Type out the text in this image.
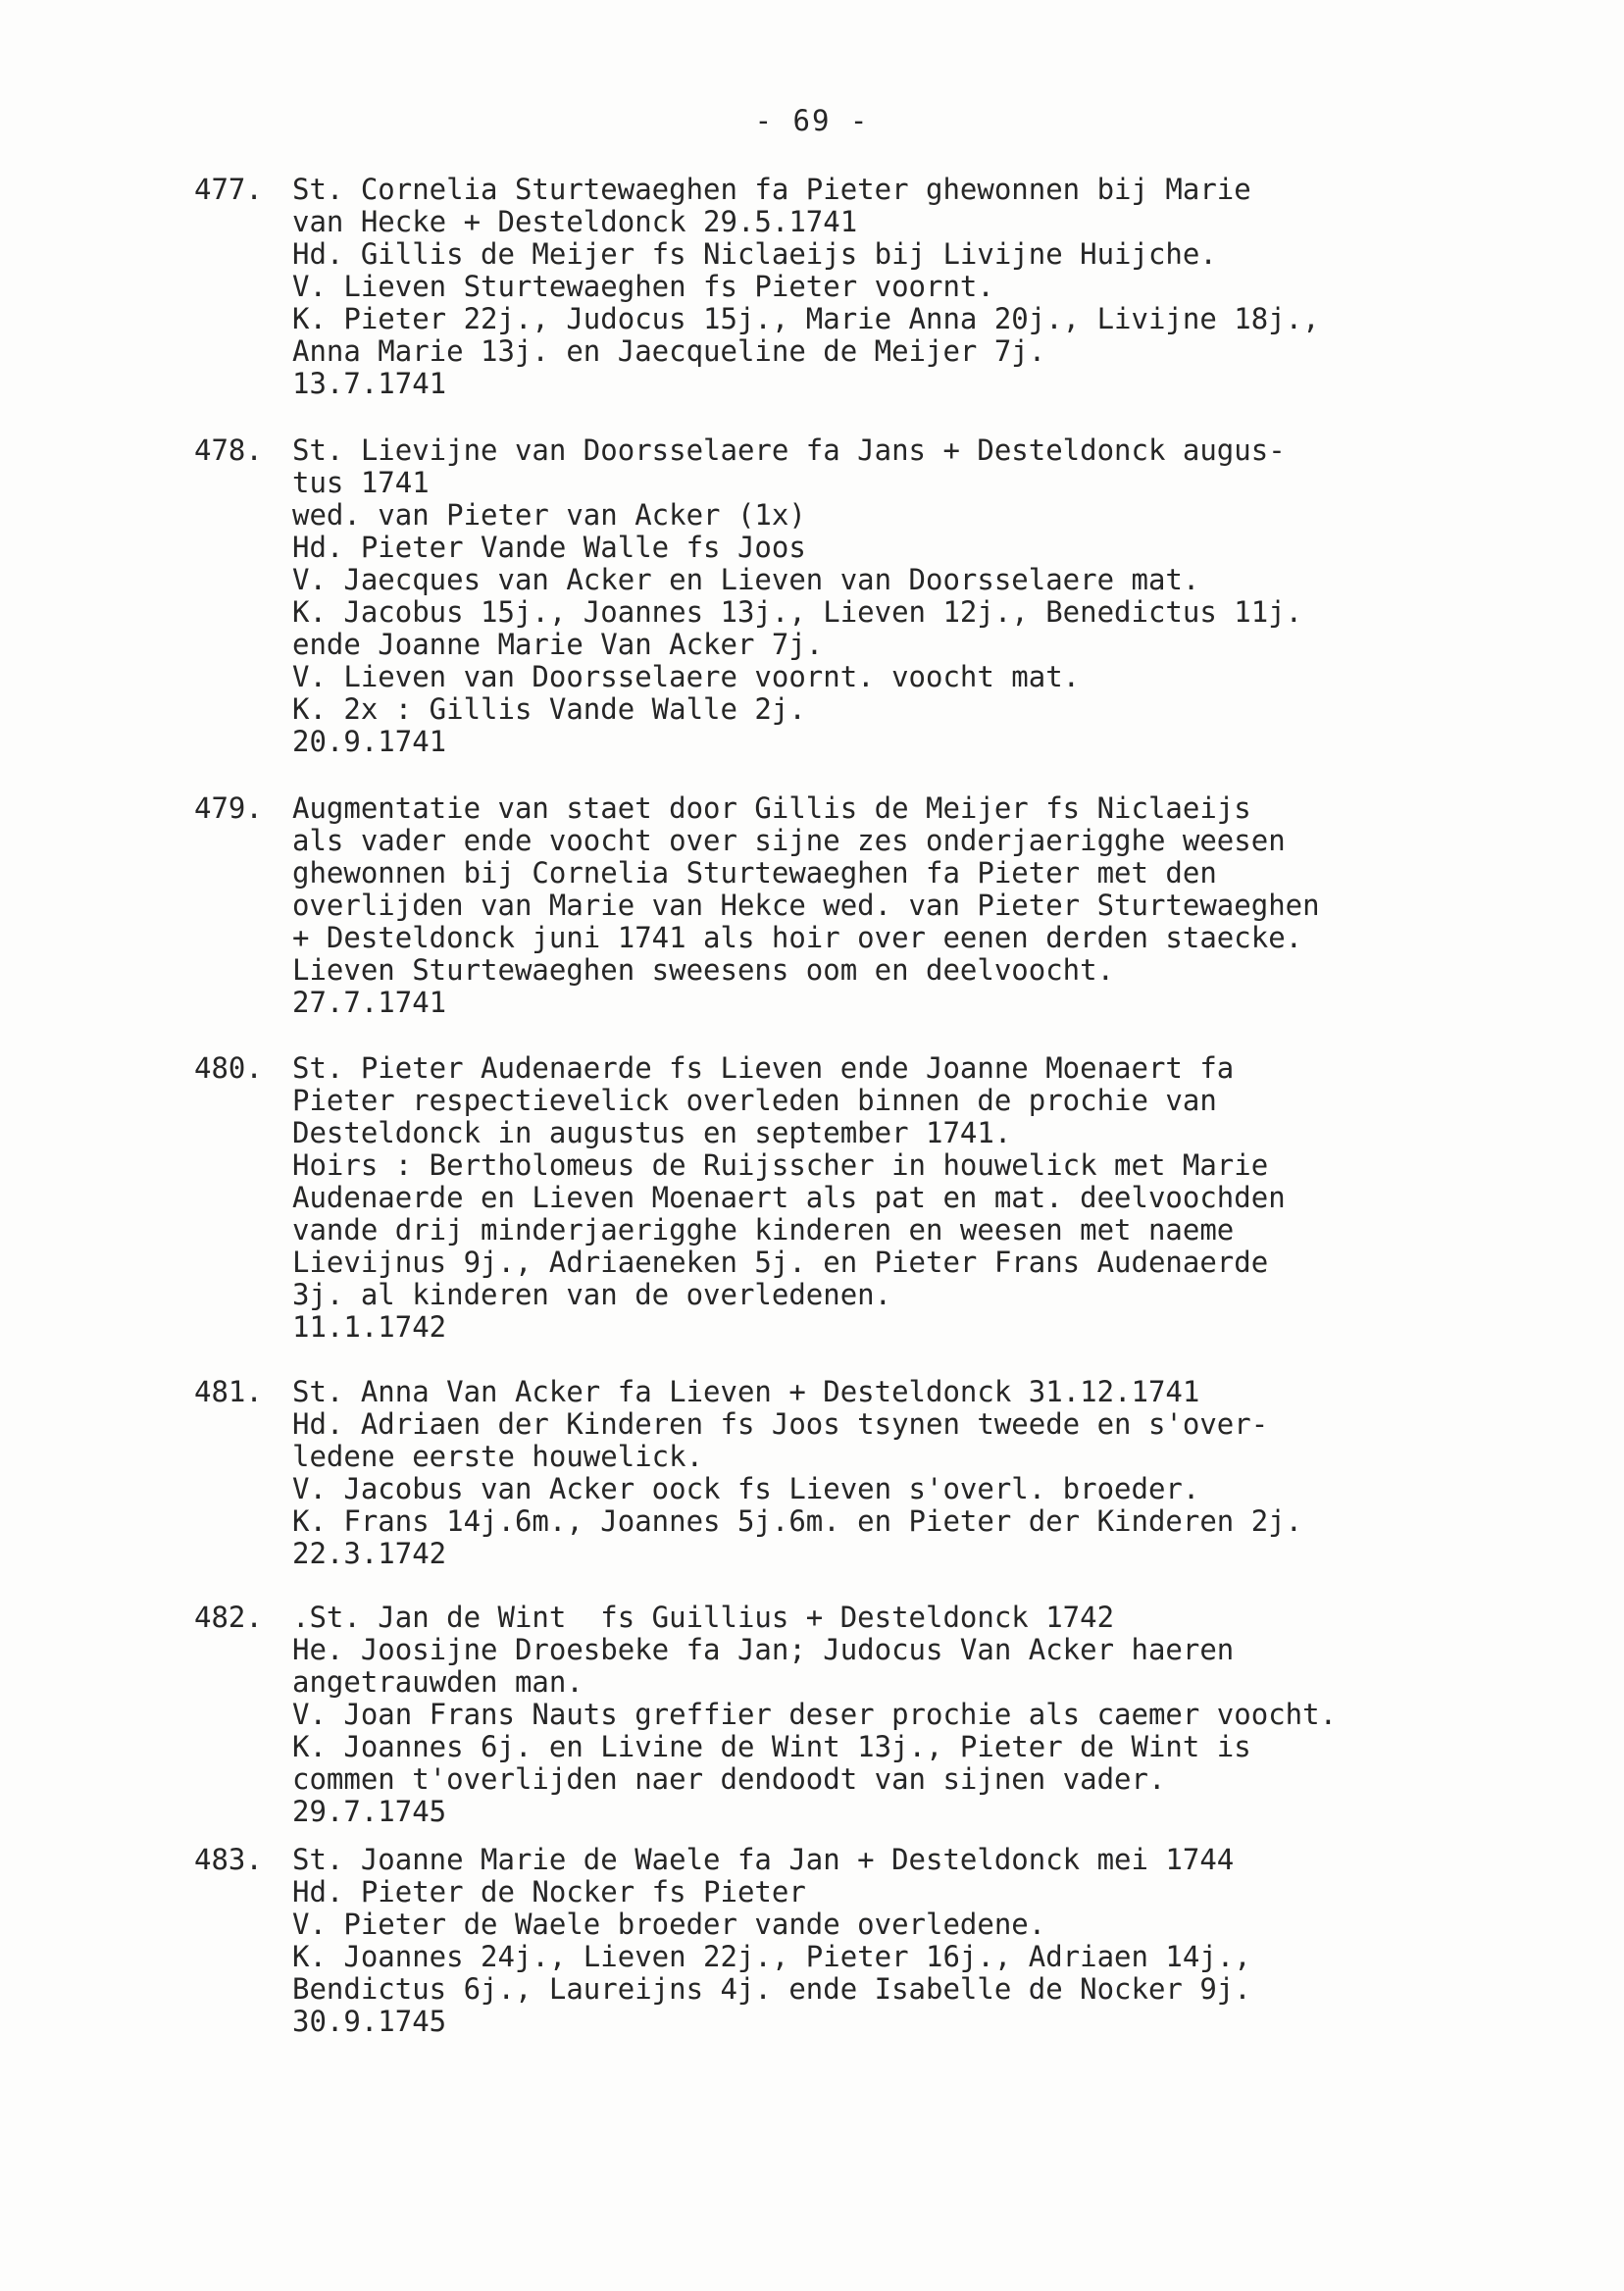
- 69 -
477. St. Cornelia Sturtewaeghen fa Pieter ghewonnen bij Marie
van Hecke + Desteldonck 29.5.1741
Hd. Gillis de Meijer fs Niclaeijs bij Livijne Huijche.
V. Lieven Sturtewaeghen fs Pieter voornt.
K. Pieter 22j., Judocus 15j., Marie Anna 20j., Livijne 18j.,
Anna Marie 13j. en Jaecqueline de Meijer 7j.
13.7.1741
478. St. Lievijne van Doorsselaere fa Jans + Desteldonck augus-
tus 1741
wed. van Pieter van Acker (1x)
Hd. Pieter Vande Walle fs Joos
V. Jaecques van Acker en Lieven van Doorsselaere mat.
K. Jacobus 15j., Joannes 13j., Lieven 12j., Benedictus 11j.
ende Joanne Marie Van Acker 7j.
V. Lieven van Doorsselaere voornt. voocht mat.
K. 2x : Gillis Vande Walle 2j.
20.9.1741
479. Augmentatie van staet door Gillis de Meijer fs Niclaeijs
als vader ende voocht over sijne zes onderjaerigghe weesen
ghewonnen bij Cornelia Sturtewaeghen fa Pieter met den
overlijden van Marie van Hekce wed. van Pieter Sturtewaeghen
+ Desteldonck juni 1741 als hoir over eenen derden staecke.
Lieven Sturtewaeghen sweesens oom en deelvoocht.
27.7.1741
480. St. Pieter Audenaerde fs Lieven ende Joanne Moenaert fa
Pieter respectievelick overleden binnen de prochie van
Desteldonck in augustus en september 1741.
Hoirs : Bertholomeus de Ruijsscher in houwelick met Marie
Audenaerde en Lieven Moenaert als pat en mat. deelvoochden
vande drij minderjaerigghe kinderen en weesen met naeme
Lievijnus 9j., Adriaeneken 5j. en Pieter Frans Audenaerde
3j. al kinderen van de overledenen.
11.1.1742
481. St. Anna Van Acker fa Lieven + Desteldonck 31.12.1741
Hd. Adriaen der Kinderen fs Joos tsynen tweede en s'over-
ledene eerste houwelick.
V. Jacobus van Acker oock fs Lieven s'overl. broeder.
K. Frans 14j.6m., Joannes 5j.6m. en Pieter der Kinderen 2j.
22.3.1742
482. .St. Jan de Wint  fs Guillius + Desteldonck 1742
He. Joosijne Droesbeke fa Jan; Judocus Van Acker haeren
angetrauwden man.
V. Joan Frans Nauts greffier deser prochie als caemer voocht.
K. Joannes 6j. en Livine de Wint 13j., Pieter de Wint is
commen t'overlijden naer dendoodt van sijnen vader.
29.7.1745
483. St. Joanne Marie de Waele fa Jan + Desteldonck mei 1744
Hd. Pieter de Nocker fs Pieter
V. Pieter de Waele broeder vande overledene.
K. Joannes 24j., Lieven 22j., Pieter 16j., Adriaen 14j.,
Bendictus 6j., Laureijns 4j. ende Isabelle de Nocker 9j.
30.9.1745
